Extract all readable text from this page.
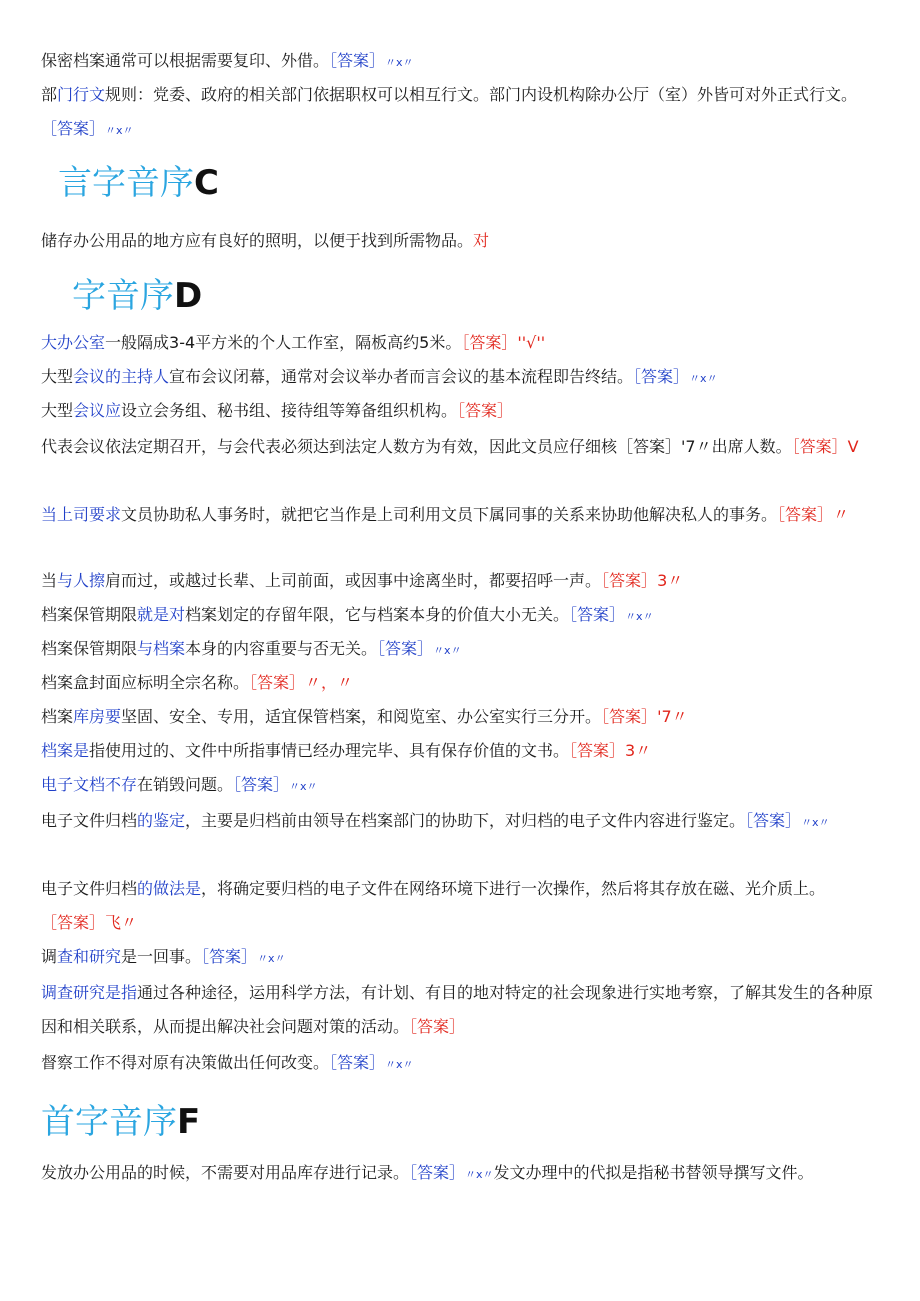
保密档案通常可以根据需要复印、外借。［答案］〃x〃
部门行文规则：党委、政府的相关部门依据职权可以相互行文。部门内设机构除办公厅（室）外皆可对外正式行文。［答案］〃x〃
储存办公用品的地方应有良好的照明，以便于找到所需物品。对
大办公室一般隔成3-4平方米的个人工作室，隔板高约5米。［答案］''√''
大型会议的主持人宣布会议闭幕，通常对会议举办者而言会议的基本流程即告终结。［答案］〃x〃
大型会议应设立会务组、秘书组、接待组等筹备组织机构。［答案］
代表会议依法定期召开，与会代表必须达到法定人数方为有效，因此文员应仔细核［答案］'7〃出席人数。［答案］V
当上司要求文员协助私人事务时，就把它当作是上司利用文员下属同事的关系来协助他解决私人的事务。［答案］〃
当与人擦肩而过，或越过长辈、上司前面，或因事中途离坐时，都要招呼一声。［答案］3〃
档案保管期限就是对档案划定的存留年限，它与档案本身的价值大小无关。［答案］〃x〃
档案保管期限与档案本身的内容重要与否无关。［答案］〃x〃
档案盒封面应标明全宗名称。［答案］〃，〃
档案库房要坚固、安全、专用，适宜保管档案，和阅览室、办公室实行三分开。［答案］'7〃
档案是指使用过的、文件中所指事情已经办理完毕、具有保存价值的文书。［答案］3〃
电子文档不存在销毁问题。［答案］〃x〃
电子文件归档的鉴定，主要是归档前由领导在档案部门的协助下，对归档的电子文件内容进行鉴定。［答案］〃x〃
电子文件归档的做法是，将确定要归档的电子文件在网络环境下进行一次操作，然后将其存放在磁、光介质上。［答案］飞〃
调查和研究是一回事。［答案］〃x〃
调查研究是指通过各种途径，运用科学方法，有计划、有目的地对特定的社会现象进行实地考察，了解其发生的各种原因和相关联系，从而提出解决社会问题对策的活动。［答案］
督察工作不得对原有决策做出任何改变。［答案］〃x〃
发放办公用品的时候，不需要对用品库存进行记录。［答案］〃x〃发文办理中的代拟是指秘书替领导撰写文件。
言字音序C
字音序D
首字音序F
